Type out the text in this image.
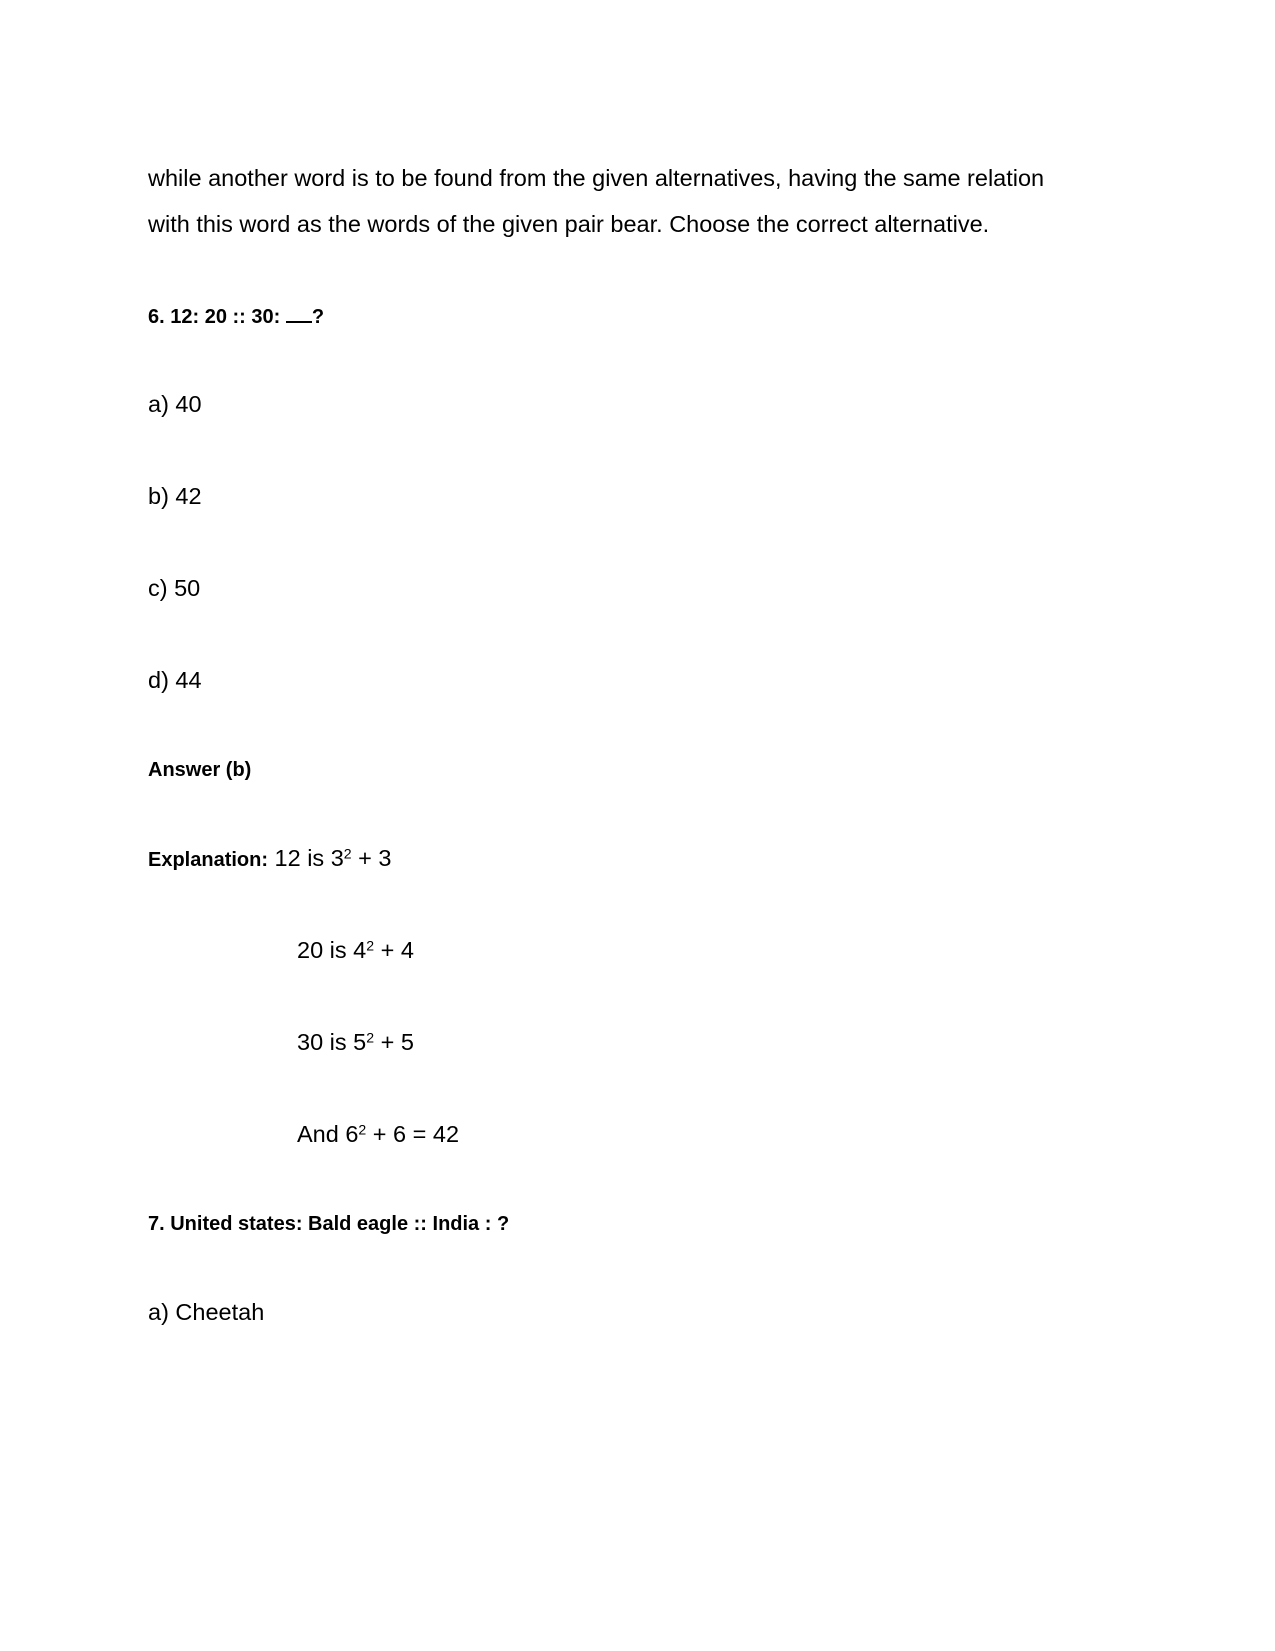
while another word is to be found from the given alternatives, having the same relation
with this word as the words of the given pair bear. Choose the correct alternative.
6. 12: 20 :: 30: ?
a) 40
b) 42
c) 50
d) 44
Answer (b)
Explanation: 12 is $3^2 + 3$
20 is $4^2 + 4$
30 is $5^2 + 5$
And $6^2 + 6 = 42$
7. United states: Bald eagle :: India : ?
a) Cheetah
